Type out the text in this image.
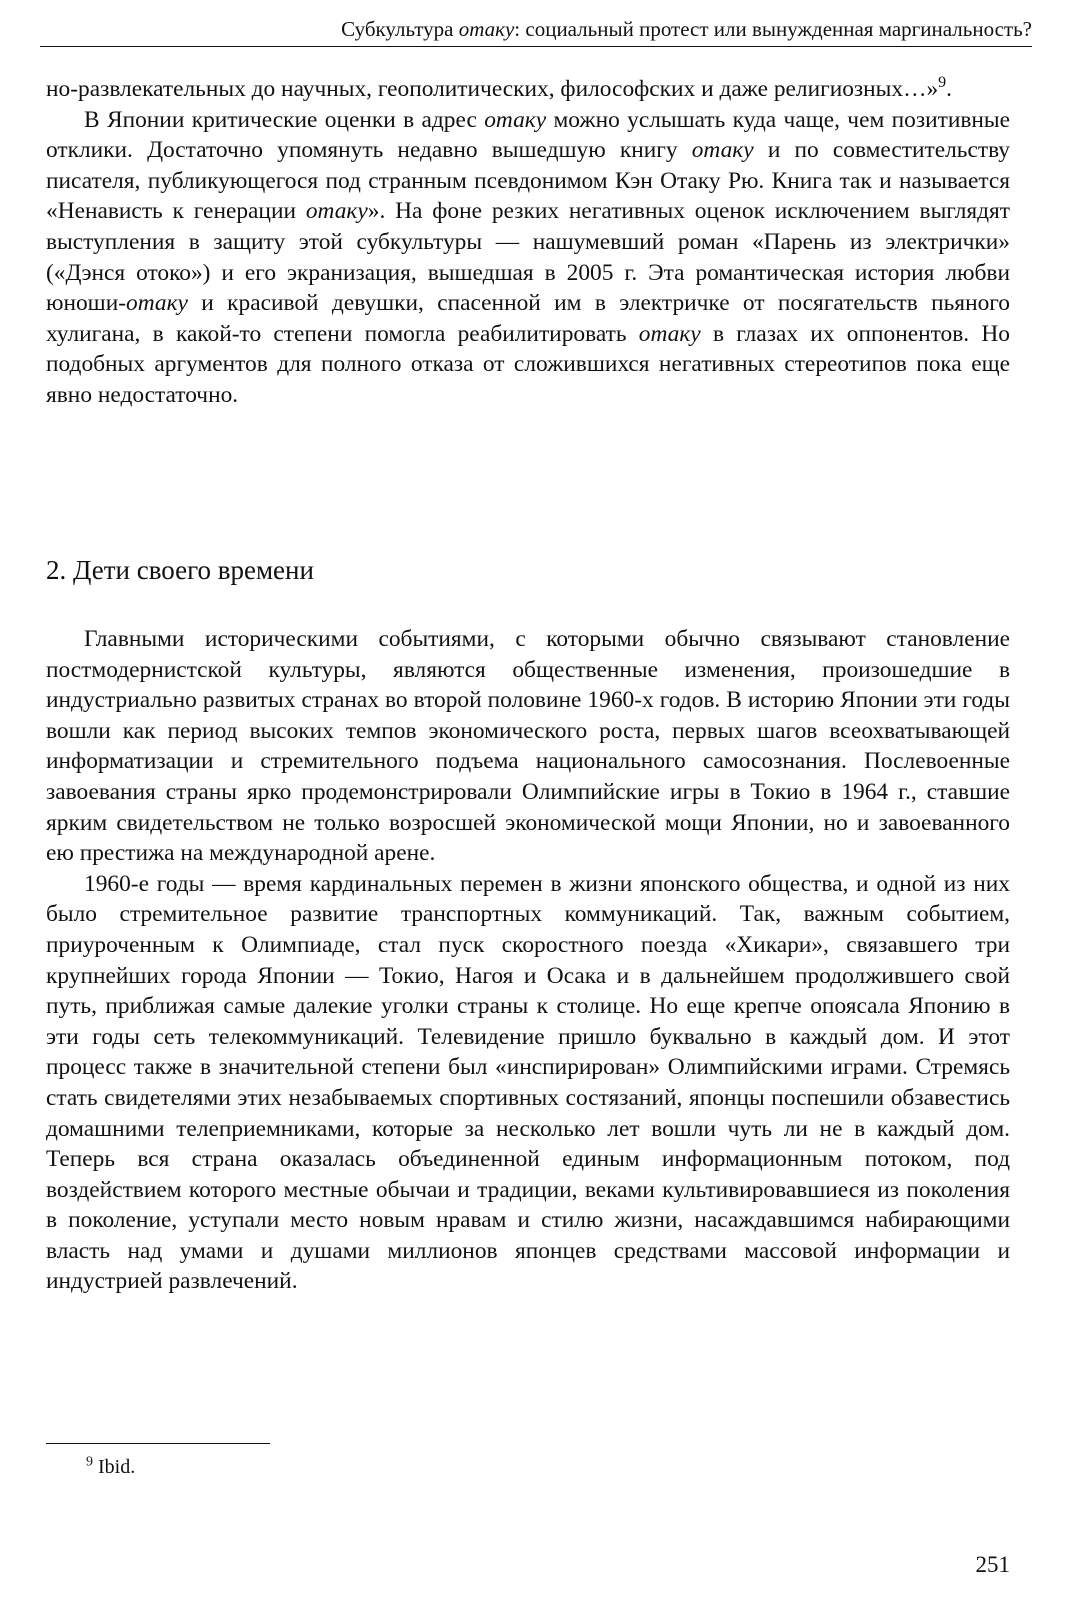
Субкультура отаку: социальный протест или вынужденная маргинальность?

но-развлекательных до научных, геополитических, философских и даже религиозных…»$^9$.

В Японии критические оценки в адрес отаку можно услышать куда чаще, чем позитивные отклики. Достаточно упомянуть недавно вышедшую книгу отаку и по совместительству писателя, публикующегося под странным псевдонимом Кэн Отаку Рю. Книга так и называется «Ненависть к генерации отаку». На фоне резких негативных оценок исключением выглядят выступления в защиту этой субкультуры — нашумевший роман «Парень из электрички» («Дэнся отоко») и его экранизация, вышедшая в 2005 г. Эта романтическая история любви юноши-отаку и красивой девушки, спасенной им в электричке от посягательств пьяного хулигана, в какой-то степени помогла реабилитировать отаку в глазах их оппонентов. Но подобных аргументов для полного отказа от сложившихся негативных стереотипов пока еще явно недостаточно.

2. Дети своего времени

Главными историческими событиями, с которыми обычно связывают становление постмодернистской культуры, являются общественные изменения, произошедшие в индустриально развитых странах во второй половине 1960-х годов. В историю Японии эти годы вошли как период высоких темпов экономического роста, первых шагов всеохватывающей информатизации и стремительного подъема национального самосознания. Послевоенные завоевания страны ярко продемонстрировали Олимпийские игры в Токио в 1964 г., ставшие ярким свидетельством не только возросшей экономической мощи Японии, но и завоеванного ею престижа на международной арене.

1960-е годы — время кардинальных перемен в жизни японского общества, и одной из них было стремительное развитие транспортных коммуникаций. Так, важным событием, приуроченным к Олимпиаде, стал пуск скоростного поезда «Хикари», связавшего три крупнейших города Японии — Токио, Нагоя и Осака и в дальнейшем продолжившего свой путь, приближая самые далекие уголки страны к столице. Но еще крепче опоясала Японию в эти годы сеть телекоммуникаций. Телевидение пришло буквально в каждый дом. И этот процесс также в значительной степени был «инспирирован» Олимпийскими играми. Стремясь стать свидетелями этих незабываемых спортивных состязаний, японцы поспешили обзавестись домашними телеприемниками, которые за несколько лет вошли чуть ли не в каждый дом. Теперь вся страна оказалась объединенной единым информационным потоком, под воздействием которого местные обычаи и традиции, веками культивировавшиеся из поколения в поколение, уступали место новым нравам и стилю жизни, насаждавшимся набирающими власть над умами и душами миллионов японцев средствами массовой информации и индустрией развлечений.

$^9$ Ibid.
251
